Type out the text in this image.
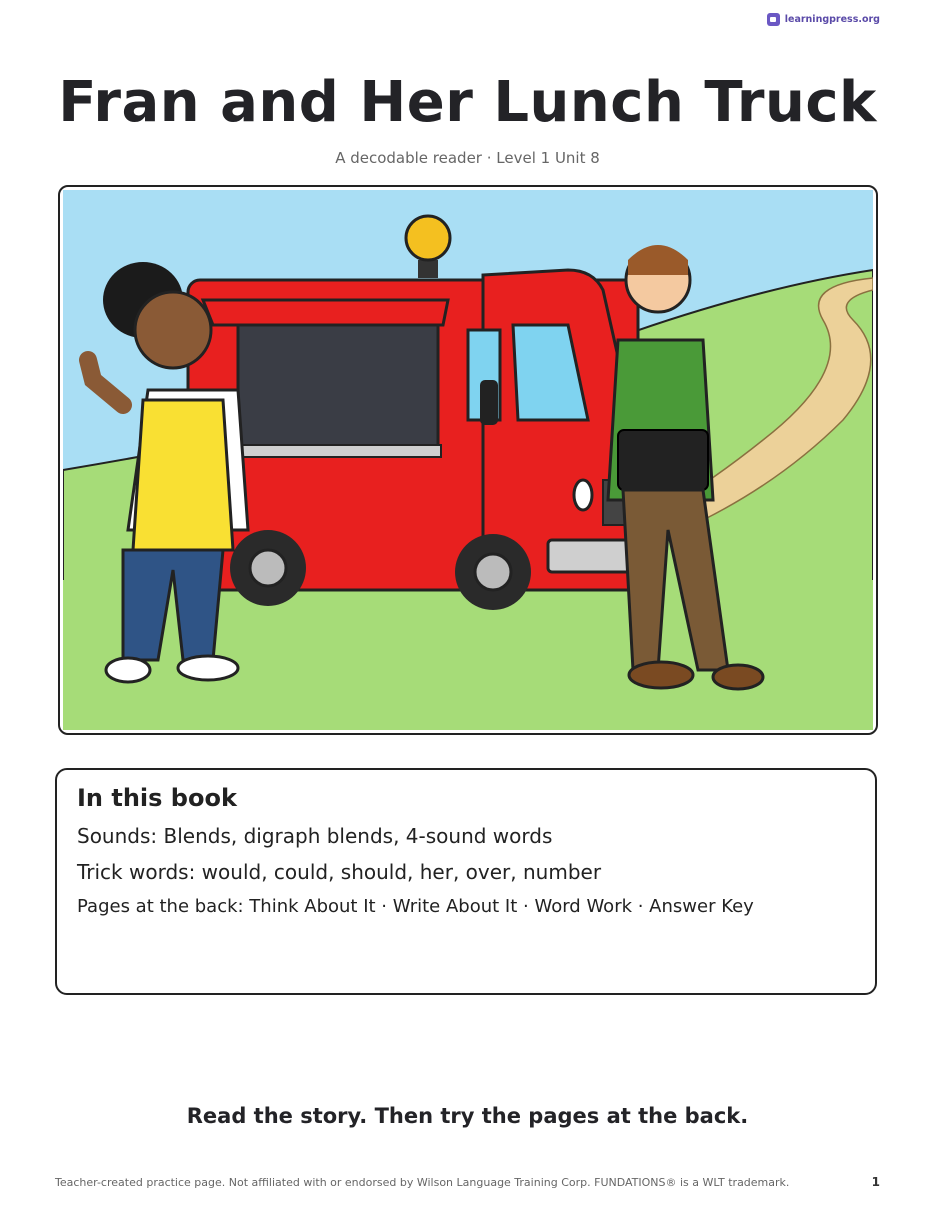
learningpress.org
Fran and Her Lunch Truck
A decodable reader · Level 1 Unit 8
In this book
Sounds: Blends, digraph blends, 4-sound words
Trick words: would, could, should, her, over, number
Pages at the back: Think About It · Write About It · Word Work · Answer Key
Read the story. Then try the pages at the back.
Teacher-created practice page. Not affiliated with or endorsed by Wilson Language Training Corp. FUNDATIONS® is a WLT trademark.	1
